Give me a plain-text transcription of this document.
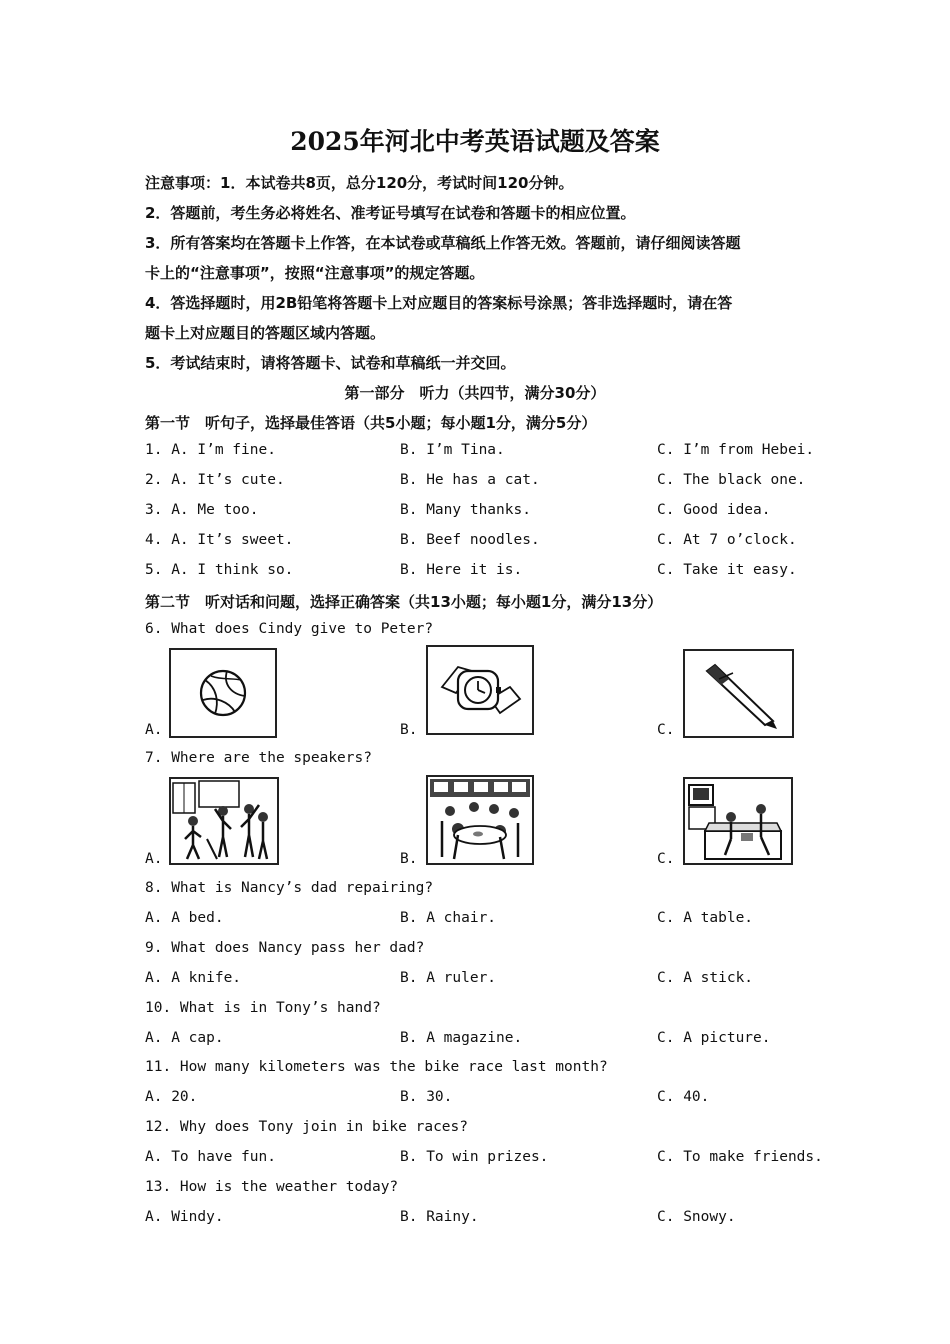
2025年河北中考英语试题及答案
注意事项：1．本试卷共8页，总分120分，考试时间120分钟。
2．答题前，考生务必将姓名、准考证号填写在试卷和答题卡的相应位置。
3．所有答案均在答题卡上作答，在本试卷或草稿纸上作答无效。答题前，请仔细阅读答题
卡上的“注意事项”，按照“注意事项”的规定答题。
4．答选择题时，用2B铅笔将答题卡上对应题目的答案标号涂黑；答非选择题时，请在答
题卡上对应题目的答题区域内答题。
5．考试结束时，请将答题卡、试卷和草稿纸一并交回。
第一部分　听力（共四节，满分30分）
第一节　听句子，选择最佳答语（共5小题；每小题1分，满分5分）
1. A. I’m fine.	B. I’m Tina.	C. I’m from Hebei.
2. A. It’s cute.	B. He has a cat.	C. The black one.
3. A. Me too.	B. Many thanks.	C. Good idea.
4. A. It’s sweet.	B. Beef noodles.	C. At 7 o’clock.
5. A. I think so.	B. Here it is.	C. Take it easy.
第二节　听对话和问题，选择正确答案（共13小题；每小题1分，满分13分）
6. What does Cindy give to Peter?
A.	B.	C.
7. Where are the speakers?
A.	B.	C.
8. What is Nancy’s dad repairing?
A. A bed.	B. A chair.	C. A table.
9. What does Nancy pass her dad?
A. A knife.	B. A ruler.	C. A stick.
10. What is in Tony’s hand?
A. A cap.	B. A magazine.	C. A picture.
11. How many kilometers was the bike race last month?
A. 20.	B. 30.	C. 40.
12. Why does Tony join in bike races?
A. To have fun.	B. To win prizes.	C. To make friends.
13. How is the weather today?
A. Windy.	B. Rainy.	C. Snowy.
